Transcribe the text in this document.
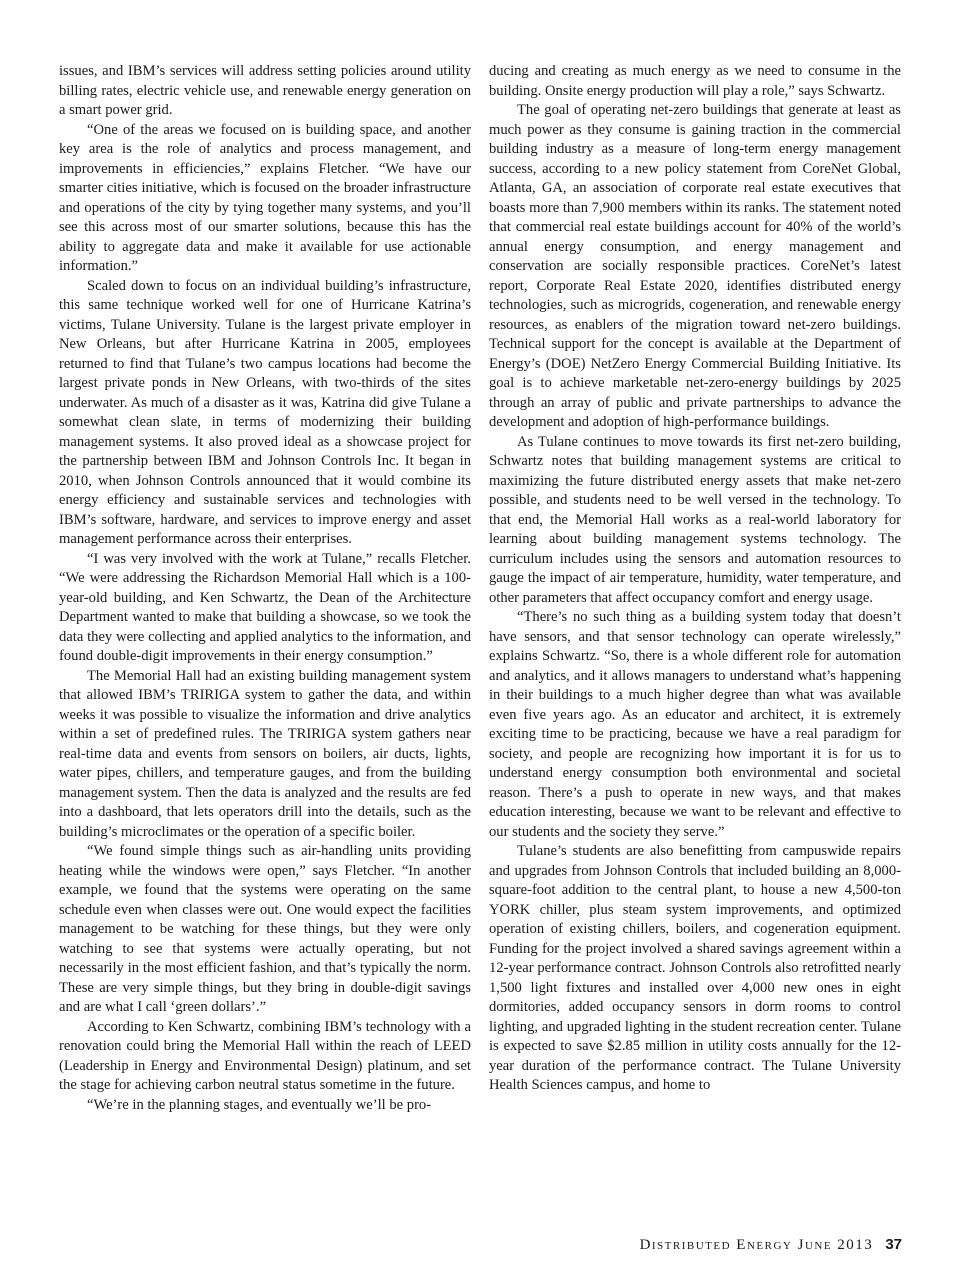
issues, and IBM’s services will address setting policies around utility billing rates, electric vehicle use, and renewable energy generation on a smart power grid.

“One of the areas we focused on is building space, and another key area is the role of analytics and process management, and improvements in efficiencies,” explains Fletcher. “We have our smarter cities initiative, which is focused on the broader infrastructure and operations of the city by tying together many systems, and you’ll see this across most of our smarter solutions, because this has the ability to aggregate data and make it available for use actionable information.”

Scaled down to focus on an individual building’s infrastructure, this same technique worked well for one of Hurricane Katrina’s victims, Tulane University. Tulane is the largest private employer in New Orleans, but after Hurricane Katrina in 2005, employees returned to find that Tulane’s two campus locations had become the largest private ponds in New Orleans, with two-thirds of the sites underwater. As much of a disaster as it was, Katrina did give Tulane a somewhat clean slate, in terms of modernizing their building management systems. It also proved ideal as a showcase project for the partnership between IBM and Johnson Controls Inc. It began in 2010, when Johnson Controls announced that it would combine its energy efficiency and sustainable services and technologies with IBM’s software, hardware, and services to improve energy and asset management performance across their enterprises.

“I was very involved with the work at Tulane,” recalls Fletcher. “We were addressing the Richardson Memorial Hall which is a 100-year-old building, and Ken Schwartz, the Dean of the Architecture Department wanted to make that building a showcase, so we took the data they were collecting and applied analytics to the information, and found double-digit improvements in their energy consumption.”

The Memorial Hall had an existing building management system that allowed IBM’s TRIRIGA system to gather the data, and within weeks it was possible to visualize the information and drive analytics within a set of predefined rules. The TRIRIGA system gathers near real-time data and events from sensors on boilers, air ducts, lights, water pipes, chillers, and temperature gauges, and from the building management system. Then the data is analyzed and the results are fed into a dashboard, that lets operators drill into the details, such as the building’s microclimates or the operation of a specific boiler.

“We found simple things such as air-handling units providing heating while the windows were open,” says Fletcher. “In another example, we found that the systems were operating on the same schedule even when classes were out. One would expect the facilities management to be watching for these things, but they were only watching to see that systems were actually operating, but not necessarily in the most efficient fashion, and that’s typically the norm. These are very simple things, but they bring in double-digit savings and are what I call ‘green dollars’.”

According to Ken Schwartz, combining IBM’s technology with a renovation could bring the Memorial Hall within the reach of LEED (Leadership in Energy and Environmental Design) platinum, and set the stage for achieving carbon neutral status sometime in the future.

“We’re in the planning stages, and eventually we’ll be pro-

ducing and creating as much energy as we need to consume in the building. Onsite energy production will play a role,” says Schwartz.

The goal of operating net-zero buildings that generate at least as much power as they consume is gaining traction in the commercial building industry as a measure of long-term energy management success, according to a new policy statement from CoreNet Global, Atlanta, GA, an association of corporate real estate executives that boasts more than 7,900 members within its ranks. The statement noted that commercial real estate buildings account for 40% of the world’s annual energy consumption, and energy management and conservation are socially responsible practices. CoreNet’s latest report, Corporate Real Estate 2020, identifies distributed energy technologies, such as microgrids, cogeneration, and renewable energy resources, as enablers of the migration toward net-zero buildings. Technical support for the concept is available at the Department of Energy’s (DOE) NetZero Energy Commercial Building Initiative. Its goal is to achieve marketable net-zero-energy buildings by 2025 through an array of public and private partnerships to advance the development and adoption of high-performance buildings.

As Tulane continues to move towards its first net-zero building, Schwartz notes that building management systems are critical to maximizing the future distributed energy assets that make net-zero possible, and students need to be well versed in the technology. To that end, the Memorial Hall works as a real-world laboratory for learning about building management systems technology. The curriculum includes using the sensors and automation resources to gauge the impact of air temperature, humidity, water temperature, and other parameters that affect occupancy comfort and energy usage.

“There’s no such thing as a building system today that doesn’t have sensors, and that sensor technology can operate wirelessly,” explains Schwartz. “So, there is a whole different role for automation and analytics, and it allows managers to understand what’s happening in their buildings to a much higher degree than what was available even five years ago. As an educator and architect, it is extremely exciting time to be practicing, because we have a real paradigm for society, and people are recognizing how important it is for us to understand energy consumption both environmental and societal reason. There’s a push to operate in new ways, and that makes education interesting, because we want to be relevant and effective to our students and the society they serve.”

Tulane’s students are also benefitting from campuswide repairs and upgrades from Johnson Controls that included building an 8,000-square-foot addition to the central plant, to house a new 4,500-ton YORK chiller, plus steam system improvements, and optimized operation of existing chillers, boilers, and cogeneration equipment. Funding for the project involved a shared savings agreement within a 12-year performance contract. Johnson Controls also retrofitted nearly 1,500 light fixtures and installed over 4,000 new ones in eight dormitories, added occupancy sensors in dorm rooms to control lighting, and upgraded lighting in the student recreation center. Tulane is expected to save $2.85 million in utility costs annually for the 12-year duration of the performance contract. The Tulane University Health Sciences campus, and home to

Distributed Energy June 2013 37
